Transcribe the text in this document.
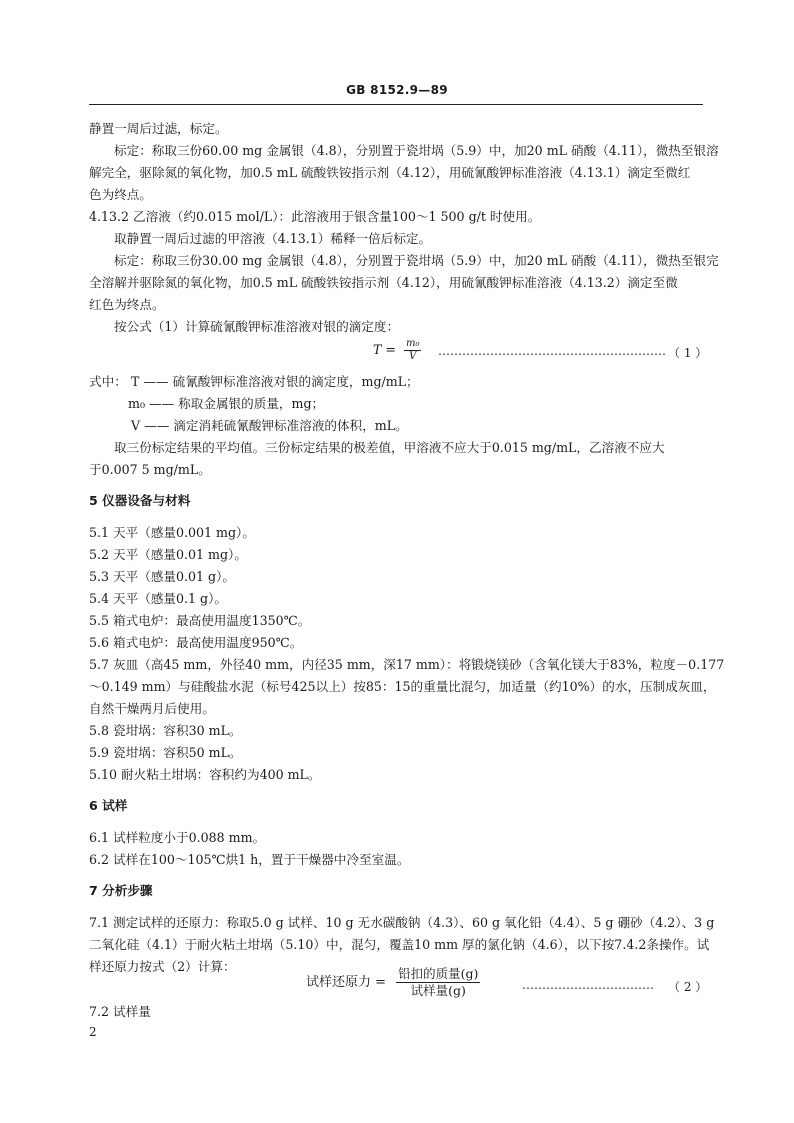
GB 8152.9—89
静置一周后过滤，标定。
标定：称取三份60.00 mg 金属银（4.8），分别置于瓷坩埚（5.9）中，加20 mL 硝酸（4.11），微热至银溶
解完全，驱除氮的氧化物，加0.5 mL 硫酸铁铵指示剂（4.12），用硫氰酸钾标准溶液（4.13.1）滴定至微红
色为终点。
4.13.2 乙溶液（约0.015 mol/L）：此溶液用于银含量100～1 500 g/t 时使用。
取静置一周后过滤的甲溶液（4.13.1）稀释一倍后标定。
标定：称取三份30.00 mg 金属银（4.8），分别置于瓷坩埚（5.9）中，加20 mL 硝酸（4.11），微热至银完
全溶解并驱除氮的氧化物，加0.5 mL 硫酸铁铵指示剂（4.12），用硫氰酸钾标准溶液（4.13.2）滴定至微
红色为终点。
按公式（1）计算硫氰酸钾标准溶液对银的滴定度：
$T = \frac{\text{m₀}}{V}$ ………………………………………………… （ 1 ）
式中： T —— 硫氰酸钾标准溶液对银的滴定度，mg/mL；
m₀ —— 称取金属银的质量，mg；
V —— 滴定消耗硫氰酸钾标准溶液的体积，mL。
取三份标定结果的平均值。三份标定结果的极差值，甲溶液不应大于0.015 mg/mL，乙溶液不应大
于0.007 5 mg/mL。
5 仪器设备与材料
5.1 天平（感量0.001 mg）。
5.2 天平（感量0.01 mg）。
5.3 天平（感量0.01 g）。
5.4 天平（感量0.1 g）。
5.5 箱式电炉：最高使用温度1350℃。
5.6 箱式电炉：最高使用温度950℃。
5.7 灰皿（高45 mm，外径40 mm，内径35 mm，深17 mm）：将锻烧镁砂（含氧化镁大于83%，粒度－0.177
～0.149 mm）与硅酸盐水泥（标号425以上）按85：15的重量比混匀，加适量（约10%）的水，压制成灰皿，
自然干燥两月后使用。
5.8 瓷坩埚：容积30 mL。
5.9 瓷坩埚：容积50 mL。
5.10 耐火粘土坩埚：容积约为400 mL。
6 试样
6.1 试样粒度小于0.088 mm。
6.2 试样在100～105℃烘1 h，置于干燥器中冷至室温。
7 分析步骤
7.1 测定试样的还原力：称取5.0 g 试样、10 g 无水碳酸钠（4.3）、60 g 氧化铅（4.4）、5 g 硼砂（4.2）、3 g
二氧化硅（4.1）于耐火粘土坩埚（5.10）中，混匀，覆盖10 mm 厚的氯化钠（4.6），以下按7.4.2条操作。试
样还原力按式（2）计算：
试样还原力 = $\frac{\text{铅扣的质量(g)}}{\text{试样量(g)}}$	…………………………… （ 2 ）
7.2 试样量
2
